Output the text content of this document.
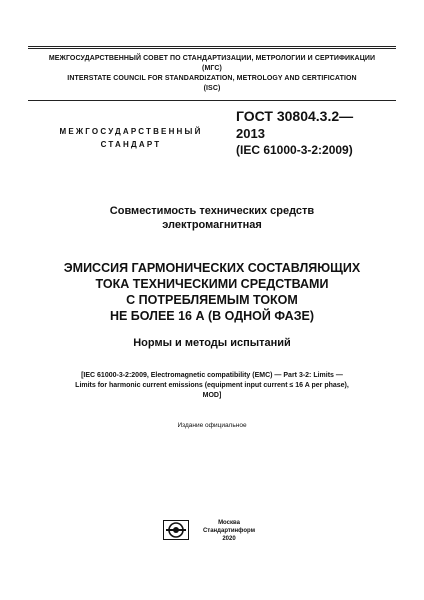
МЕЖГОСУДАРСТВЕННЫЙ СОВЕТ ПО СТАНДАРТИЗАЦИИ, МЕТРОЛОГИИ И СЕРТИФИКАЦИИ
(МГС)
INTERSTATE COUNCIL FOR STANDARDIZATION, METROLOGY AND CERTIFICATION
(ISC)
МЕЖГОСУДАРСТВЕННЫЙ
СТАНДАРТ
ГОСТ 30804.3.2—
2013
(IEC 61000-3-2:2009)
Совместимость технических средств
электромагнитная
ЭМИССИЯ ГАРМОНИЧЕСКИХ СОСТАВЛЯЮЩИХ
ТОКА ТЕХНИЧЕСКИМИ СРЕДСТВАМИ
С ПОТРЕБЛЯЕМЫМ ТОКОМ
НЕ БОЛЕЕ 16 А (В ОДНОЙ ФАЗЕ)
Нормы и методы испытаний
[IEC 61000-3-2:2009, Electromagnetic compatibility (EMC) — Part 3-2: Limits —
Limits for harmonic current emissions (equipment input current ≤ 16 A per phase),
MOD]
Издание официальное
Москва
Стандартинформ
2020
